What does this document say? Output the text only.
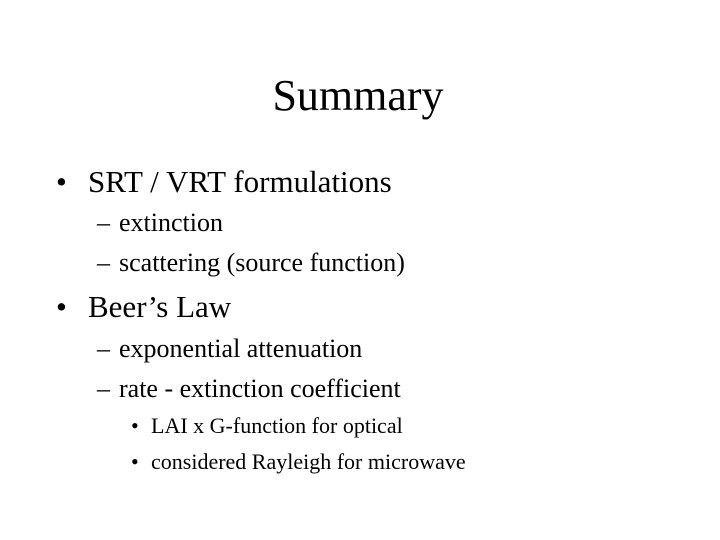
Summary
• SRT / VRT formulations
– extinction
– scattering (source function)
• Beer’s Law
– exponential attenuation
– rate - extinction coefficient
• LAI x G-function for optical
• considered Rayleigh for microwave
